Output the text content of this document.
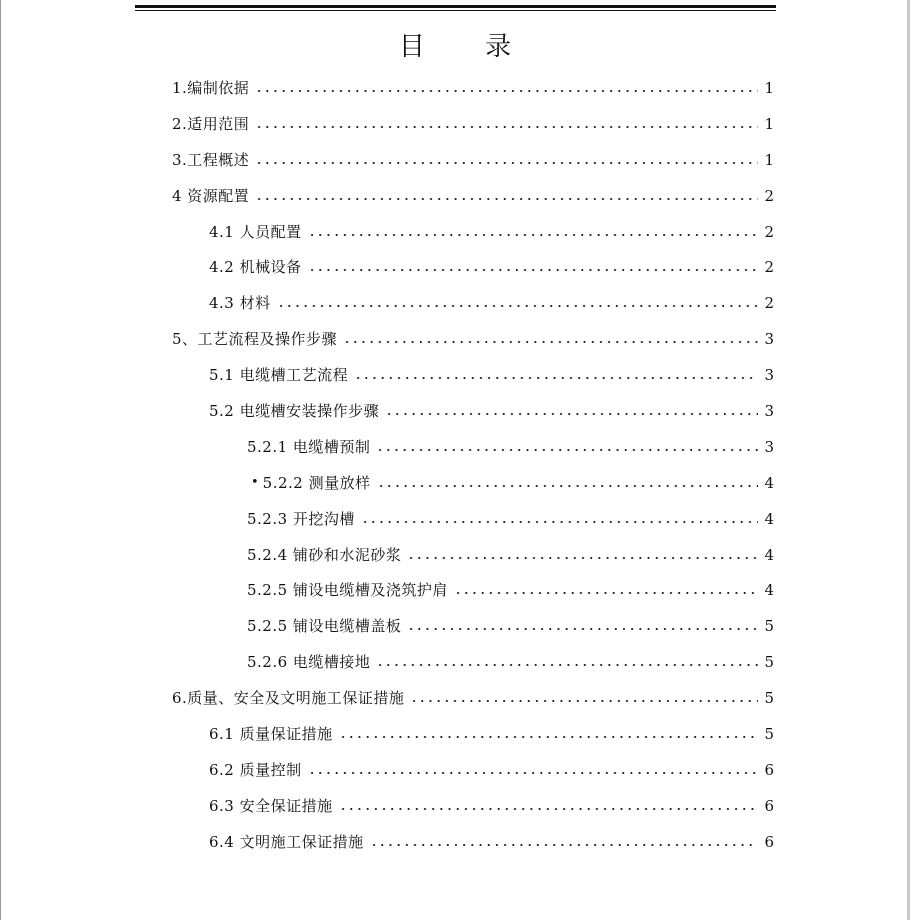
目 录
1.编制依据	1
2.适用范围	1
3.工程概述	1
4 资源配置	2
4.1 人员配置	2
4.2 机械设备	2
4.3 材料	2
5、工艺流程及操作步骤	3
5.1 电缆槽工艺流程	3
5.2 电缆槽安装操作步骤	3
5.2.1 电缆槽预制	3
• 5.2.2 测量放样	4
5.2.3 开挖沟槽	4
5.2.4 铺砂和水泥砂浆	4
5.2.5 铺设电缆槽及浇筑护肩	4
5.2.5 铺设电缆槽盖板	5
5.2.6 电缆槽接地	5
6.质量、安全及文明施工保证措施	5
6.1 质量保证措施	5
6.2 质量控制	6
6.3 安全保证措施	6
6.4 文明施工保证措施	6
